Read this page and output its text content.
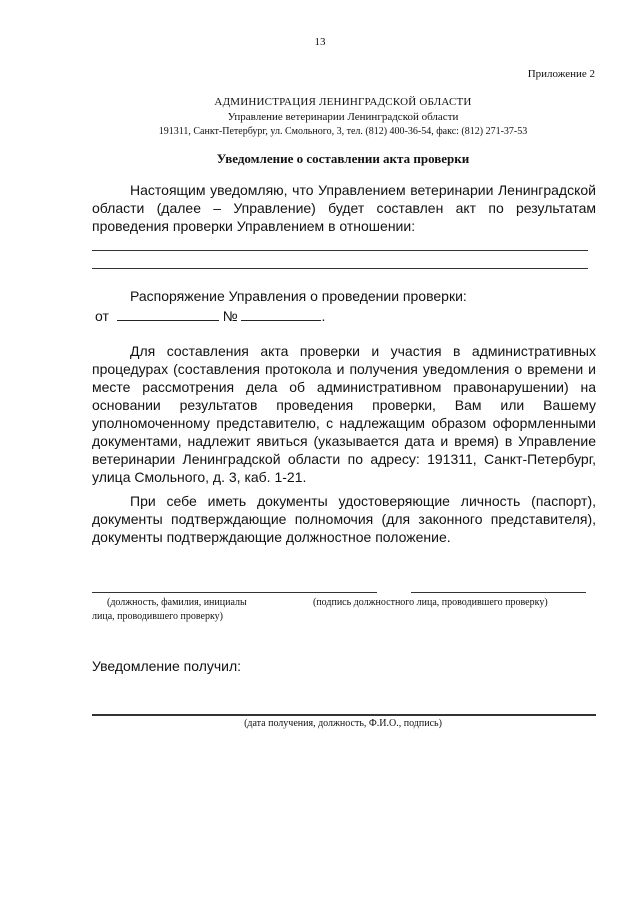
13
Приложение 2
АДМИНИСТРАЦИЯ ЛЕНИНГРАДСКОЙ ОБЛАСТИ
Управление ветеринарии Ленинградской области
191311, Санкт-Петербург, ул. Смольного, 3, тел. (812) 400-36-54, факс: (812) 271-37-53
Уведомление о составлении акта проверки
Настоящим уведомляю, что Управлением ветеринарии Ленинградской области (далее – Управление) будет составлен акт по результатам проведения проверки Управлением в отношении:
Распоряжение Управления о проведении проверки:
от	№	.
Для составления акта проверки и участия в административных процедурах (составления протокола и получения уведомления о времени и месте рассмотрения дела об административном правонарушении) на основании результатов проведения проверки, Вам или Вашему уполномоченному представителю, с надлежащим образом оформленными документами, надлежит явиться (указывается дата и время) в Управление ветеринарии Ленинградской области по адресу: 191311, Санкт-Петербург, улица Смольного, д. 3, каб. 1-21.
При себе иметь документы удостоверяющие личность (паспорт), документы подтверждающие полномочия (для законного представителя), документы подтверждающие должностное положение.
(должность, фамилия, инициалы
лица, проводившего проверку)
(подпись должностного лица, проводившего проверку)
Уведомление получил:
(дата получения, должность, Ф.И.О., подпись)
